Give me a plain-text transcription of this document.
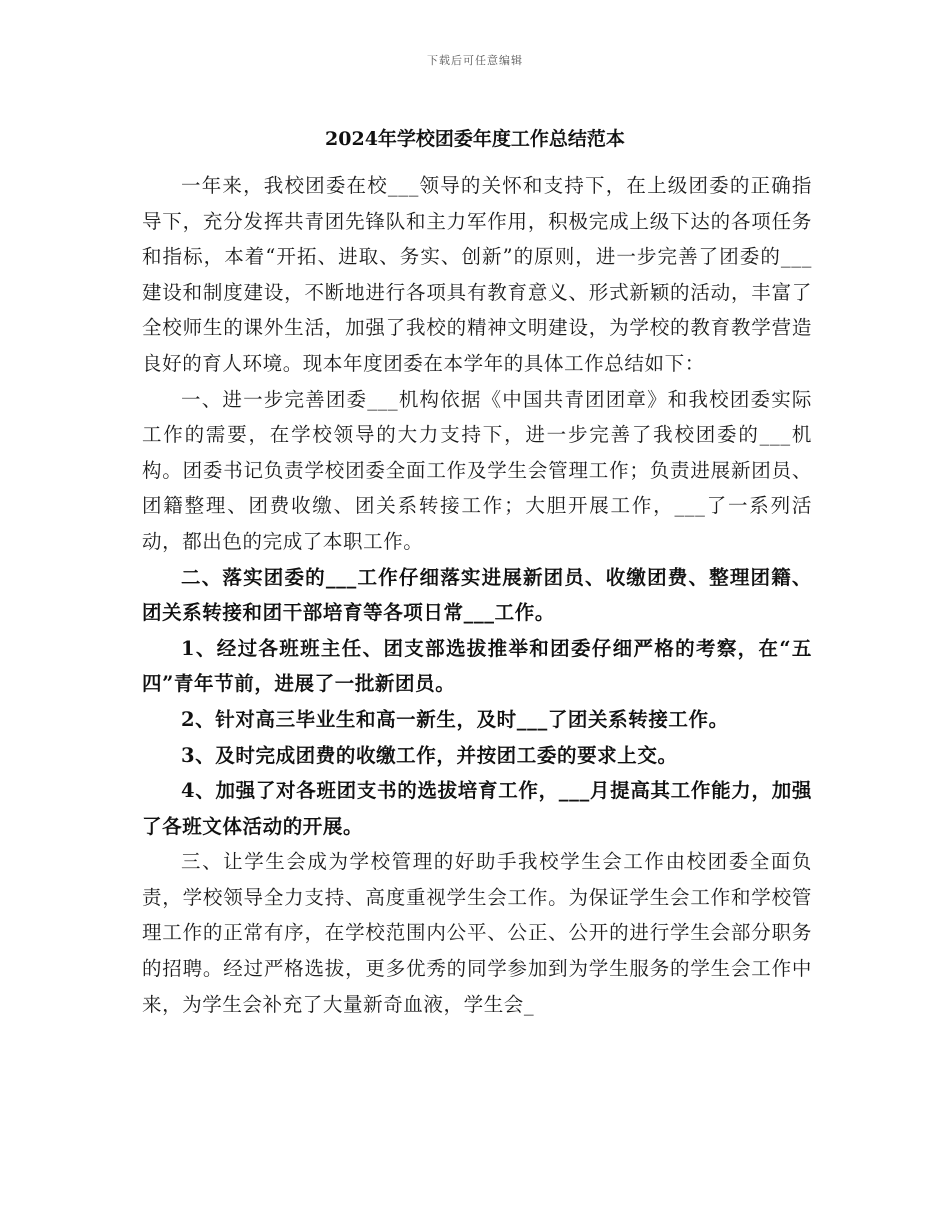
下载后可任意编辑
2024年学校团委年度工作总结范本

一年来，我校团委在校___领导的关怀和支持下，在上级团委的正确指导下，充分发挥共青团先锋队和主力军作用，积极完成上级下达的各项任务和指标，本着“开拓、进取、务实、创新”的原则，进一步完善了团委的___建设和制度建设，不断地进行各项具有教育意义、形式新颖的活动，丰富了全校师生的课外生活，加强了我校的精神文明建设，为学校的教育教学营造良好的育人环境。现本年度团委在本学年的具体工作总结如下：

一、进一步完善团委___机构依据《中国共青团团章》和我校团委实际工作的需要，在学校领导的大力支持下，进一步完善了我校团委的___机构。团委书记负责学校团委全面工作及学生会管理工作；负责进展新团员、团籍整理、团费收缴、团关系转接工作；大胆开展工作，___了一系列活动，都出色的完成了本职工作。

二、落实团委的___工作仔细落实进展新团员、收缴团费、整理团籍、团关系转接和团干部培育等各项日常___工作。

1、经过各班班主任、团支部选拔推举和团委仔细严格的考察，在“五四”青年节前，进展了一批新团员。

2、针对高三毕业生和高一新生，及时___了团关系转接工作。

3、及时完成团费的收缴工作，并按团工委的要求上交。

4、加强了对各班团支书的选拔培育工作，___月提高其工作能力，加强了各班文体活动的开展。

三、让学生会成为学校管理的好助手我校学生会工作由校团委全面负责，学校领导全力支持、高度重视学生会工作。为保证学生会工作和学校管理工作的正常有序，在学校范围内公平、公正、公开的进行学生会部分职务的招聘。经过严格选拔，更多优秀的同学参加到为学生服务的学生会工作中来，为学生会补充了大量新奇血液，学生会_
